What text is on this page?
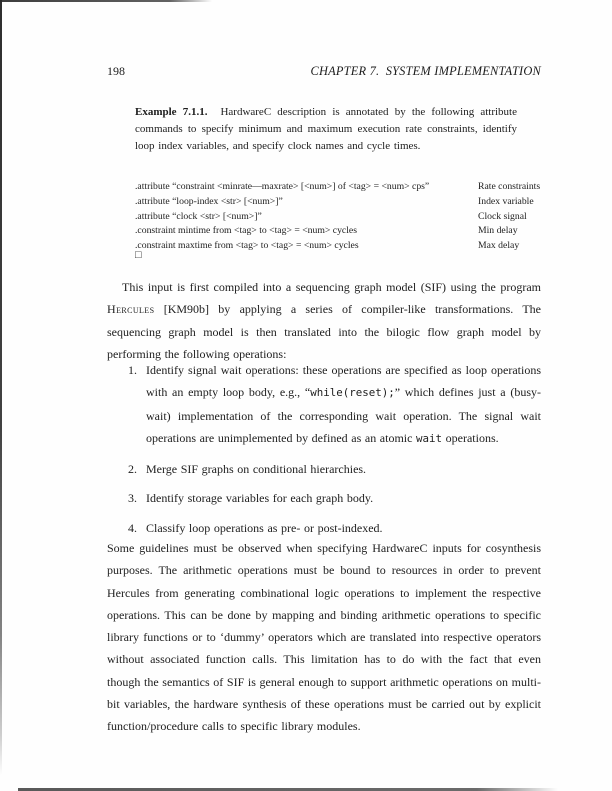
198	CHAPTER 7. SYSTEM IMPLEMENTATION
Example 7.1.1. HardwareC description is annotated by the following attribute commands to specify minimum and maximum execution rate constraints, identify loop index variables, and specify clock names and cycle times.
.attribute “constraint <minrate—maxrate> [<num>] of <tag> = <num> cps”	Rate constraints
.attribute “loop-index <str> [<num>]”	Index variable
.attribute “clock <str> [<num>]”	Clock signal
.constraint mintime from <tag> to <tag> = <num> cycles	Min delay
.constraint maxtime from <tag> to <tag> = <num> cycles	Max delay
□

This input is first compiled into a sequencing graph model (SIF) using the program Hercules [KM90b] by applying a series of compiler-like transformations. The sequencing graph model is then translated into the bilogic flow graph model by performing the following operations:

1. Identify signal wait operations: these operations are specified as loop operations with an empty loop body, e.g., “while(reset);” which defines just a (busy-wait) implementation of the corresponding wait operation. The signal wait operations are unimplemented by defined as an atomic wait operations.
2. Merge SIF graphs on conditional hierarchies.
3. Identify storage variables for each graph body.
4. Classify loop operations as pre- or post-indexed.

Some guidelines must be observed when specifying HardwareC inputs for cosynthesis purposes. The arithmetic operations must be bound to resources in order to prevent Hercules from generating combinational logic operations to implement the respective operations. This can be done by mapping and binding arithmetic operations to specific library functions or to ‘dummy’ operators which are translated into respective operators without associated function calls. This limitation has to do with the fact that even though the semantics of SIF is general enough to support arithmetic operations on multi-bit variables, the hardware synthesis of these operations must be carried out by explicit function/procedure calls to specific library modules.
